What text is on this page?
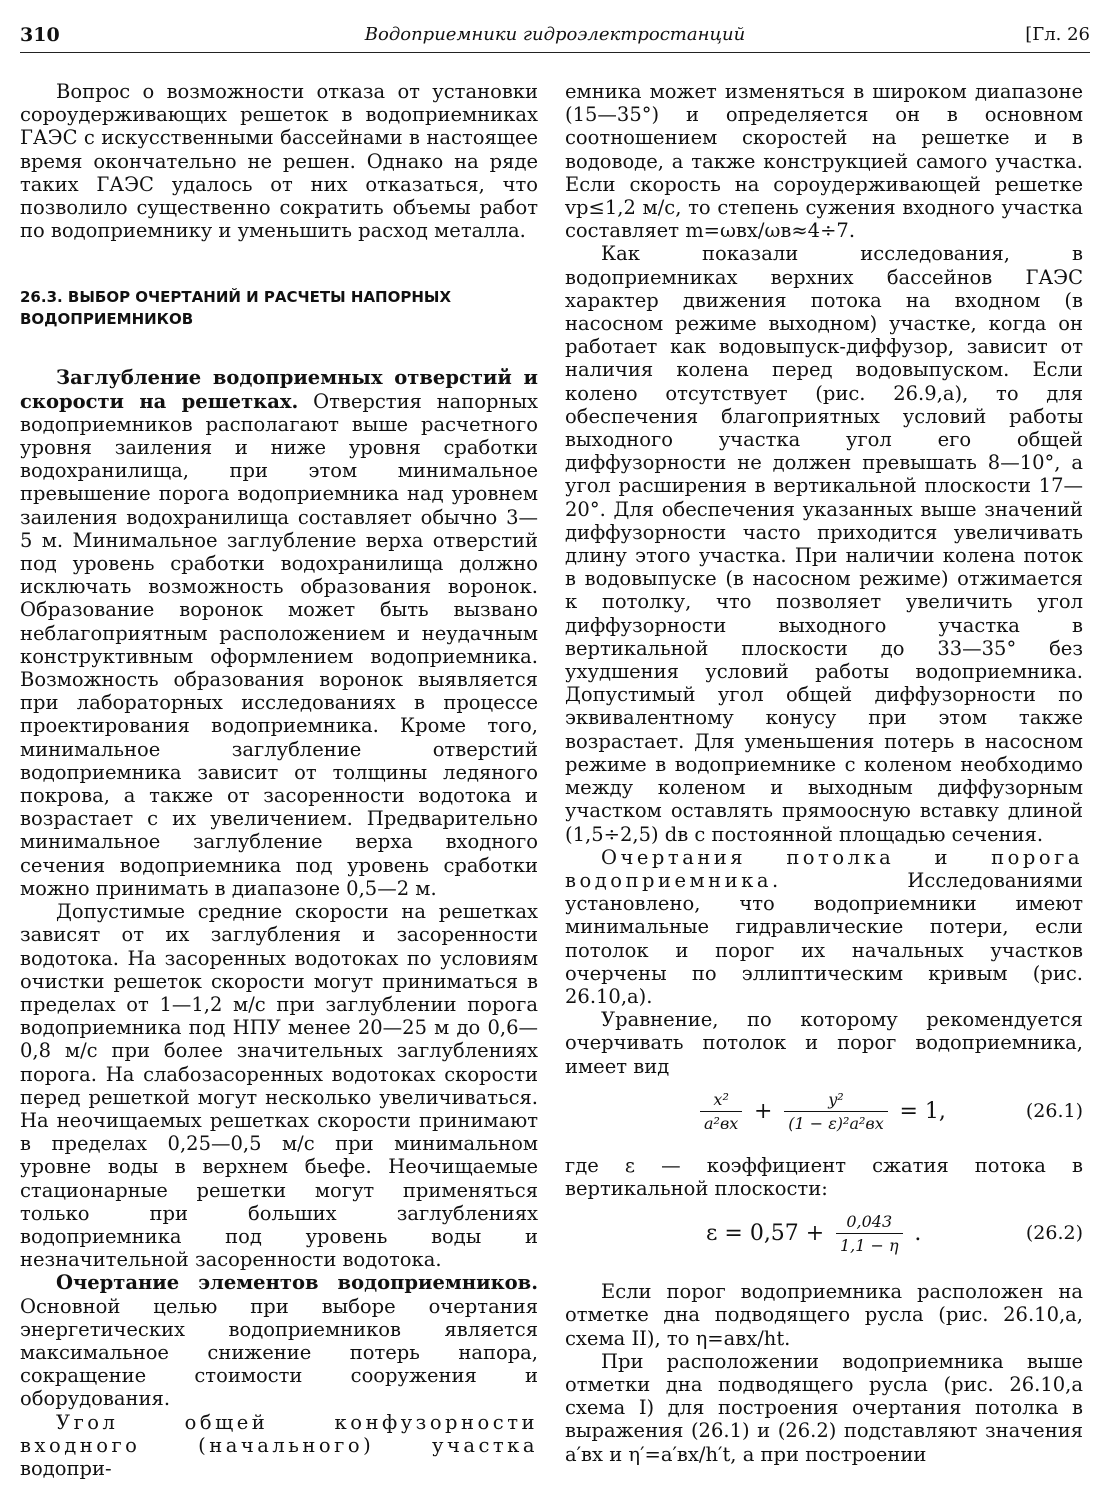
310	Водоприемники гидроэлектростанций	[Гл. 26

Вопрос о возможности отказа от установки сороудерживающих решеток в водоприемниках ГАЭС с искусственными бассейнами в настоящее время окончательно не решен. Однако на ряде таких ГАЭС удалось от них отказаться, что позволило существенно сократить объемы работ по водоприемнику и уменьшить расход металла.

26.3. ВЫБОР ОЧЕРТАНИЙ И РАСЧЕТЫ НАПОРНЫХ ВОДОПРИЕМНИКОВ

Заглубление водоприемных отверстий и скорости на решетках. Отверстия напорных водоприемников располагают выше расчетного уровня заиления и ниже уровня сработки водохранилища, при этом минимальное превышение порога водоприемника над уровнем заиления водохранилища составляет обычно 3—5 м. Минимальное заглубление верха отверстий под уровень сработки водохранилища должно исключать возможность образования воронок. Образование воронок может быть вызвано неблагоприятным расположением и неудачным конструктивным оформлением водоприемника. Возможность образования воронок выявляется при лабораторных исследованиях в процессе проектирования водоприемника. Кроме того, минимальное заглубление отверстий водоприемника зависит от толщины ледяного покрова, а также от засоренности водотока и возрастает с их увеличением. Предварительно минимальное заглубление верха входного сечения водоприемника под уровень сработки можно принимать в диапазоне 0,5—2 м.

Допустимые средние скорости на решетках зависят от их заглубления и засоренности водотока. На засоренных водотоках по условиям очистки решеток скорости могут приниматься в пределах от 1—1,2 м/с при заглублении порога водоприемника под НПУ менее 20—25 м до 0,6—0,8 м/с при более значительных заглублениях порога. На слабозасоренных водотоках скорости перед решеткой могут несколько увеличиваться. На неочищаемых решетках скорости принимают в пределах 0,25—0,5 м/с при минимальном уровне воды в верхнем бьефе. Неочищаемые стационарные решетки могут применяться только при больших заглублениях водоприемника под уровень воды и незначительной засоренности водотока.

Очертание элементов водоприемников. Основной целью при выборе очертания энергетических водоприемников является максимальное снижение потерь напора, сокращение стоимости сооружения и оборудования.

Угол общей конфузорности входного (начального) участка водопри-

емника может изменяться в широком диапазоне (15—35°) и определяется он в основном соотношением скоростей на решетке и в водоводе, а также конструкцией самого участка. Если скорость на сороудерживающей решетке vр≤1,2 м/с, то степень сужения входного участка составляет m=ωвх/ωв≈4÷7.

Как показали исследования, в водоприемниках верхних бассейнов ГАЭС характер движения потока на входном (в насосном режиме выходном) участке, когда он работает как водовыпуск-диффузор, зависит от наличия колена перед водовыпуском. Если колено отсутствует (рис. 26.9,а), то для обеспечения благоприятных условий работы выходного участка угол его общей диффузорности не должен превышать 8—10°, а угол расширения в вертикальной плоскости 17—20°. Для обеспечения указанных выше значений диффузорности часто приходится увеличивать длину этого участка. При наличии колена поток в водовыпуске (в насосном режиме) отжимается к потолку, что позволяет увеличить угол диффузорности выходного участка в вертикальной плоскости до 33—35° без ухудшения условий работы водоприемника. Допустимый угол общей диффузорности по эквивалентному конусу при этом также возрастает. Для уменьшения потерь в насосном режиме в водоприемнике с коленом необходимо между коленом и выходным диффузорным участком оставлять прямоосную вставку длиной (1,5÷2,5) dв с постоянной площадью сечения.

Очертания потолка и порога водоприемника.	Исследованиями установлено, что водоприемники имеют минимальные гидравлические потери, если потолок и порог их начальных участков очерчены по эллиптическим кривым (рис. 26.10,а).

Уравнение, по которому рекомендуется очерчивать потолок и порог водоприемника, имеет вид

$\frac{\text{x²}}{\text{a²вх}} + \frac{\text{y²}}{\text{(1 − ε)²a²вх}} = 1$,	(26.1)

где ε — коэффициент сжатия потока в вертикальной плоскости:

$\varepsilon = 0,57 + \frac{0,043}{1,1 - \eta}$ .	(26.2)

Если порог водоприемника расположен на отметке дна подводящего русла (рис. 26.10,а, схема II), то η=aвх/ht.

При расположении водоприемника выше отметки дна подводящего русла (рис. 26.10,а схема I) для построения очертания потолка в выражения (26.1) и (26.2) подставляют значения a′вх и η′=a′вх/h′t, а при построении
